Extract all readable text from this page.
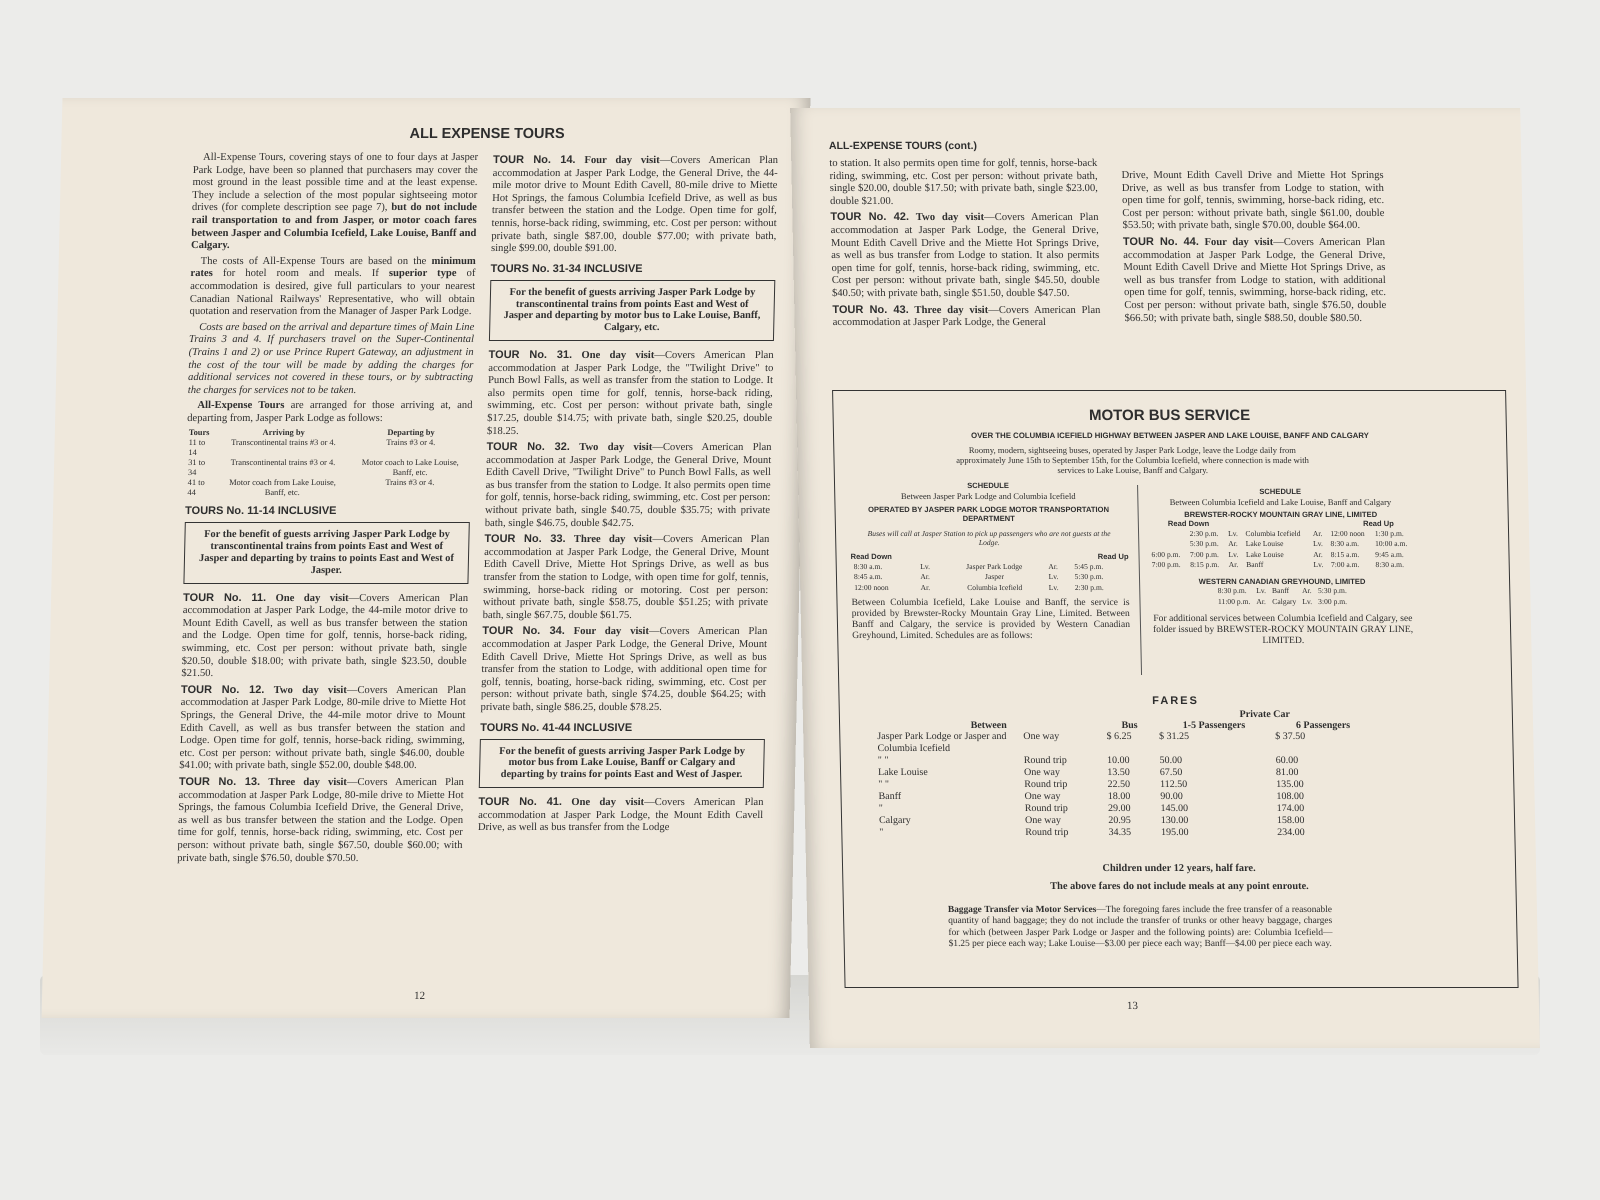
ALL EXPENSE TOURS

All-Expense Tours, covering stays of one to four days at Jasper Park Lodge, have been so planned that purchasers may cover the most ground in the least possible time and at the least expense. They include a selection of the most popular sightseeing motor drives (for complete description see page 7), but do not include rail transportation to and from Jasper, or motor coach fares between Jasper and Columbia Icefield, Lake Louise, Banff and Calgary.

The costs of All-Expense Tours are based on the minimum rates for hotel room and meals. If superior type of accommodation is desired, give full particulars to your nearest Canadian National Railways' Representative, who will obtain quotation and reservation from the Manager of Jasper Park Lodge.

Costs are based on the arrival and departure times of Main Line Trains 3 and 4. If purchasers travel on the Super-Continental (Trains 1 and 2) or use Prince Rupert Gateway, an adjustment in the cost of the tour will be made by adding the charges for additional services not covered in these tours, or by subtracting the charges for services not to be taken.

All-Expense Tours are arranged for those arriving at, and departing from, Jasper Park Lodge as follows:

Tours	Arriving by	Departing by
11 to 14	Transcontinental trains #3 or 4.	Trains #3 or 4.
31 to 34	Transcontinental trains #3 or 4.	Motor coach to Lake Louise, Banff, etc.
41 to 44	Motor coach from Lake Louise, Banff, etc.	Trains #3 or 4.
TOURS No. 11-14 INCLUSIVE
For the benefit of guests arriving Jasper Park Lodge by transcontinental trains from points East and West of Jasper and departing by trains to points East and West of Jasper.

TOUR No. 11. One day visit—Covers American Plan accommodation at Jasper Park Lodge, the 44-mile motor drive to Mount Edith Cavell, as well as bus transfer between the station and the Lodge. Open time for golf, tennis, horse-back riding, swimming, etc. Cost per person: without private bath, single $20.50, double $18.00; with private bath, single $23.50, double $21.50.

TOUR No. 12. Two day visit—Covers American Plan accommodation at Jasper Park Lodge, 80-mile drive to Miette Hot Springs, the General Drive, the 44-mile motor drive to Mount Edith Cavell, as well as bus transfer between the station and Lodge. Open time for golf, tennis, horse-back riding, swimming, etc. Cost per person: without private bath, single $46.00, double $41.00; with private bath, single $52.00, double $48.00.

TOUR No. 13. Three day visit—Covers American Plan accommodation at Jasper Park Lodge, 80-mile drive to Miette Hot Springs, the famous Columbia Icefield Drive, the General Drive, as well as bus transfer between the station and the Lodge. Open time for golf, tennis, horse-back riding, swimming, etc. Cost per person: without private bath, single $67.50, double $60.00; with private bath, single $76.50, double $70.50.

TOUR No. 14. Four day visit—Covers American Plan accommodation at Jasper Park Lodge, the General Drive, the 44-mile motor drive to Mount Edith Cavell, 80-mile drive to Miette Hot Springs, the famous Columbia Icefield Drive, as well as bus transfer between the station and the Lodge. Open time for golf, tennis, horse-back riding, swimming, etc. Cost per person: without private bath, single $87.00, double $77.00; with private bath, single $99.00, double $91.00.

TOURS No. 31-34 INCLUSIVE
For the benefit of guests arriving Jasper Park Lodge by transcontinental trains from points East and West of Jasper and departing by motor bus to Lake Louise, Banff, Calgary, etc.

TOUR No. 31. One day visit—Covers American Plan accommodation at Jasper Park Lodge, the "Twilight Drive" to Punch Bowl Falls, as well as transfer from the station to Lodge. It also permits open time for golf, tennis, horse-back riding, swimming, etc. Cost per person: without private bath, single $17.25, double $14.75; with private bath, single $20.25, double $18.25.

TOUR No. 32. Two day visit—Covers American Plan accommodation at Jasper Park Lodge, the General Drive, Mount Edith Cavell Drive, "Twilight Drive" to Punch Bowl Falls, as well as bus transfer from the station to Lodge. It also permits open time for golf, tennis, horse-back riding, swimming, etc. Cost per person: without private bath, single $40.75, double $35.75; with private bath, single $46.75, double $42.75.

TOUR No. 33. Three day visit—Covers American Plan accommodation at Jasper Park Lodge, the General Drive, Mount Edith Cavell Drive, Miette Hot Springs Drive, as well as bus transfer from the station to Lodge, with open time for golf, tennis, swimming, horse-back riding or motoring. Cost per person: without private bath, single $58.75, double $51.25; with private bath, single $67.75, double $61.75.

TOUR No. 34. Four day visit—Covers American Plan accommodation at Jasper Park Lodge, the General Drive, Mount Edith Cavell Drive, Miette Hot Springs Drive, as well as bus transfer from the station to Lodge, with additional open time for golf, tennis, boating, horse-back riding, swimming, etc. Cost per person: without private bath, single $74.25, double $64.25; with private bath, single $86.25, double $78.25.

TOURS No. 41-44 INCLUSIVE
For the benefit of guests arriving Jasper Park Lodge by motor bus from Lake Louise, Banff or Calgary and departing by trains for points East and West of Jasper.

TOUR No. 41. One day visit—Covers American Plan accommodation at Jasper Park Lodge, the Mount Edith Cavell Drive, as well as bus transfer from the Lodge

12
ALL-EXPENSE TOURS (cont.)

to station. It also permits open time for golf, tennis, horse-back riding, swimming, etc. Cost per person: without private bath, single $20.00, double $17.50; with private bath, single $23.00, double $21.00.

TOUR No. 42. Two day visit—Covers American Plan accommodation at Jasper Park Lodge, the General Drive, Mount Edith Cavell Drive and the Miette Hot Springs Drive, as well as bus transfer from Lodge to station. It also permits open time for golf, tennis, horse-back riding, swimming, etc. Cost per person: without private bath, single $45.50, double $40.50; with private bath, single $51.50, double $47.50.

TOUR No. 43. Three day visit—Covers American Plan accommodation at Jasper Park Lodge, the General

Drive, Mount Edith Cavell Drive and Miette Hot Springs Drive, as well as bus transfer from Lodge to station, with open time for golf, tennis, swimming, horse-back riding, etc. Cost per person: without private bath, single $61.00, double $53.50; with private bath, single $70.00, double $64.00.

TOUR No. 44. Four day visit—Covers American Plan accommodation at Jasper Park Lodge, the General Drive, Mount Edith Cavell Drive and Miette Hot Springs Drive, as well as bus transfer from Lodge to station, with additional open time for golf, tennis, swimming, horse-back riding, etc. Cost per person: without private bath, single $76.50, double $66.50; with private bath, single $88.50, double $80.50.

MOTOR BUS SERVICE
OVER THE COLUMBIA ICEFIELD HIGHWAY BETWEEN JASPER AND LAKE LOUISE, BANFF AND CALGARY
Roomy, modern, sightseeing buses, operated by Jasper Park Lodge, leave the Lodge daily from approximately June 15th to September 15th, for the Columbia Icefield, where connection is made with services to Lake Louise, Banff and Calgary.
SCHEDULE
Between Jasper Park Lodge and Columbia Icefield
OPERATED BY JASPER PARK LODGE MOTOR TRANSPORTATION DEPARTMENT
Buses will call at Jasper Station to pick up passengers who are not guests at the Lodge.
Read Down	Read Up
8:30 a.m.	Lv.	Jasper Park Lodge	Ar.	5:45 p.m.
8:45 a.m.	Ar.	Jasper	Lv.	5:30 p.m.
12:00 noon	Ar.	Columbia Icefield	Lv.	2:30 p.m.

Between Columbia Icefield, Lake Louise and Banff, the service is provided by Brewster-Rocky Mountain Gray Line, Limited. Between Banff and Calgary, the service is provided by Western Canadian Greyhound, Limited. Schedules are as follows:

SCHEDULE
Between Columbia Icefield and Lake Louise, Banff and Calgary
BREWSTER-ROCKY MOUNTAIN GRAY LINE, LIMITED
Read Down	Read Up
	2:30 p.m.	Lv.	Columbia Icefield	Ar.	12:00 noon	1:30 p.m.
	5:30 p.m.	Ar.	Lake Louise	Lv.	8:30 a.m.	10:00 a.m.
6:00 p.m.	7:00 p.m.	Lv.	Lake Louise	Ar.	8:15 a.m.	9:45 a.m.
7:00 p.m.	8:15 p.m.	Ar.	Banff	Lv.	7:00 a.m.	8:30 a.m.
WESTERN CANADIAN GREYHOUND, LIMITED
8:30 p.m.	Lv.	Banff	Ar.	5:30 p.m.
11:00 p.m.	Ar.	Calgary	Lv.	3:00 p.m.

For additional services between Columbia Icefield and Calgary, see folder issued by BREWSTER-ROCKY MOUNTAIN GRAY LINE, LIMITED.

FARES
			Private Car	
Between		Bus	1-5 Passengers	6 Passengers
Jasper Park Lodge or Jasper and Columbia Icefield	One way	$ 6.25	$ 31.25	$ 37.50
" "	Round trip	10.00	50.00	60.00
Lake Louise	One way	13.50	67.50	81.00
" "	Round trip	22.50	112.50	135.00
Banff	One way	18.00	90.00	108.00
"	Round trip	29.00	145.00	174.00
Calgary	One way	20.95	130.00	158.00
"	Round trip	34.35	195.00	234.00
Children under 12 years, half fare.
The above fares do not include meals at any point enroute.

Baggage Transfer via Motor Services—The foregoing fares include the free transfer of a reasonable quantity of hand baggage; they do not include the transfer of trunks or other heavy baggage, charges for which (between Jasper Park Lodge or Jasper and the following points) are: Columbia Icefield—$1.25 per piece each way; Lake Louise—$3.00 per piece each way; Banff—$4.00 per piece each way.

13
